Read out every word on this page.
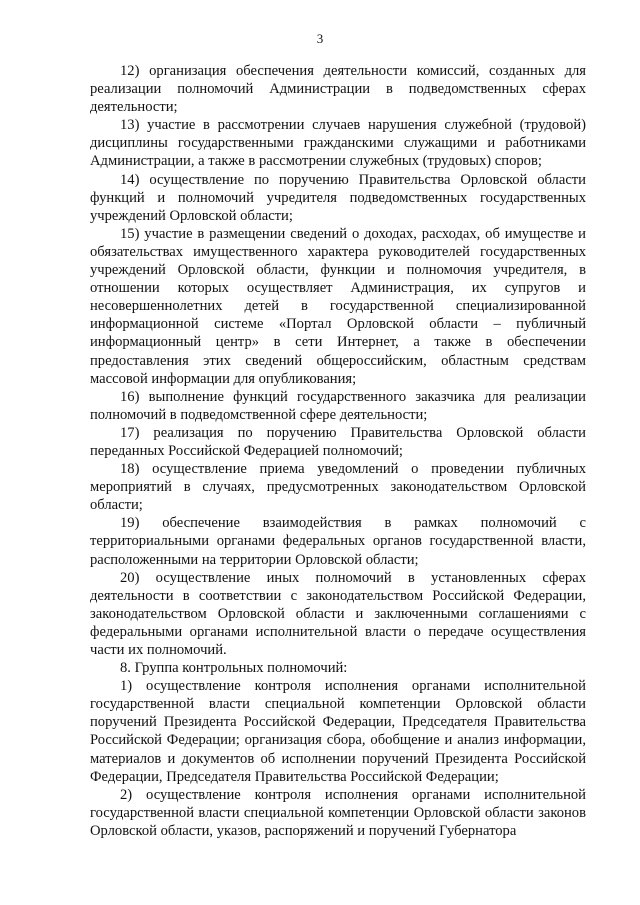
3

12) организация обеспечения деятельности комиссий, созданных для реализации полномочий Администрации в подведомственных сферах деятельности;

13) участие в рассмотрении случаев нарушения служебной (трудовой) дисциплины государственными гражданскими служащими и работниками Администрации, а также в рассмотрении служебных (трудовых) споров;

14) осуществление по поручению Правительства Орловской области функций и полномочий учредителя подведомственных государственных учреждений Орловской области;

15) участие в размещении сведений о доходах, расходах, об имуществе и обязательствах имущественного характера руководителей государственных учреждений Орловской области, функции и полномочия учредителя, в отношении которых осуществляет Администрация, их супругов и несовершеннолетних детей в государственной специализированной информационной системе «Портал Орловской области – публичный информационный центр» в сети Интернет, а также в обеспечении предоставления этих сведений общероссийским, областным средствам массовой информации для опубликования;

16) выполнение функций государственного заказчика для реализации полномочий в подведомственной сфере деятельности;

17) реализация по поручению Правительства Орловской области переданных Российской Федерацией полномочий;

18) осуществление приема уведомлений о проведении публичных мероприятий в случаях, предусмотренных законодательством Орловской области;

19) обеспечение взаимодействия в рамках полномочий с территориальными органами федеральных органов государственной власти, расположенными на территории Орловской области;

20) осуществление иных полномочий в установленных сферах деятельности в соответствии с законодательством Российской Федерации, законодательством Орловской области и заключенными соглашениями с федеральными органами исполнительной власти о передаче осуществления части их полномочий.

8. Группа контрольных полномочий:

1) осуществление контроля исполнения органами исполнительной государственной власти специальной компетенции Орловской области поручений Президента Российской Федерации, Председателя Правительства Российской Федерации; организация сбора, обобщение и анализ информации, материалов и документов об исполнении поручений Президента Российской Федерации, Председателя Правительства Российской Федерации;

2) осуществление контроля исполнения органами исполнительной государственной власти специальной компетенции Орловской области законов Орловской области, указов, распоряжений и поручений Губернатора
